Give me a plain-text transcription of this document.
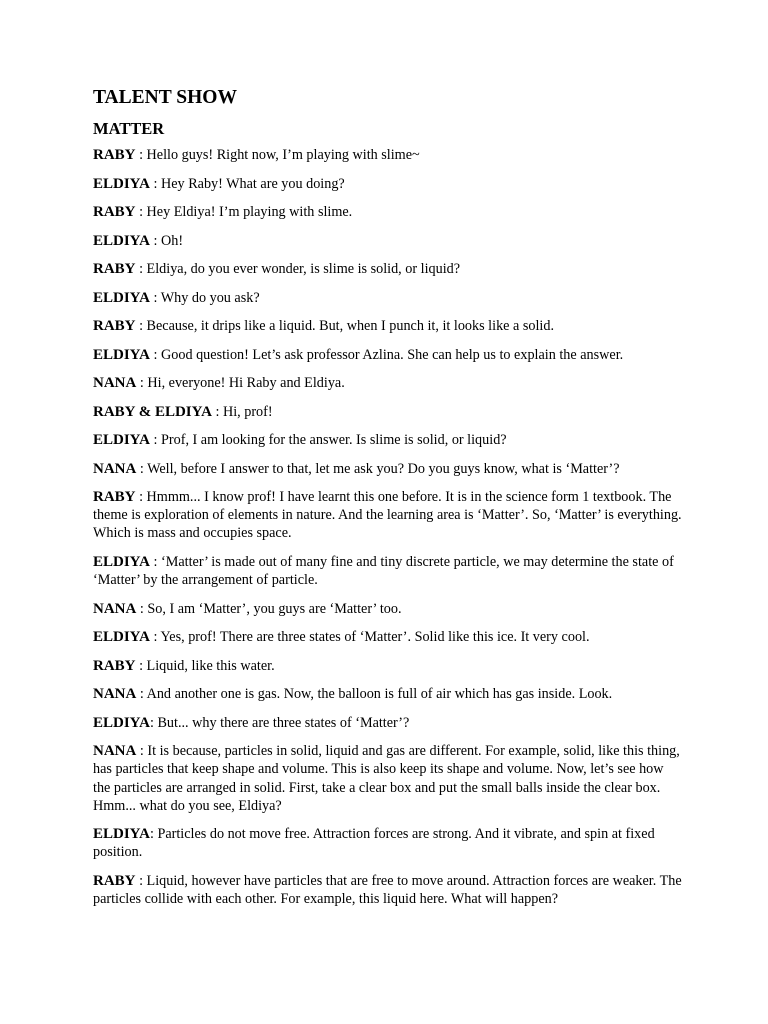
TALENT SHOW
MATTER

RABY : Hello guys! Right now, I’m playing with slime~

ELDIYA : Hey Raby! What are you doing?

RABY : Hey Eldiya! I’m playing with slime.

ELDIYA : Oh!

RABY : Eldiya, do you ever wonder, is slime is solid, or liquid?

ELDIYA : Why do you ask?

RABY : Because, it drips like a liquid. But, when I punch it, it looks like a solid.

ELDIYA : Good question! Let’s ask professor Azlina. She can help us to explain the answer.

NANA : Hi, everyone! Hi Raby and Eldiya.

RABY & ELDIYA : Hi, prof!

ELDIYA : Prof, I am looking for the answer. Is slime is solid, or liquid?

NANA : Well, before I answer to that, let me ask you? Do you guys know, what is ‘Matter’?

RABY : Hmmm... I know prof! I have learnt this one before. It is in the science form 1 textbook. The theme is exploration of elements in nature. And the learning area is ‘Matter’. So, ‘Matter’ is everything. Which is mass and occupies space.

ELDIYA : ‘Matter’ is made out of many fine and tiny discrete particle, we may determine the state of ‘Matter’ by the arrangement of particle.

NANA : So, I am ‘Matter’, you guys are ‘Matter’ too.

ELDIYA : Yes, prof! There are three states of ‘Matter’. Solid like this ice. It very cool.

RABY : Liquid, like this water.

NANA : And another one is gas. Now, the balloon is full of air which has gas inside. Look.

ELDIYA: But... why there are three states of ‘Matter’?

NANA : It is because, particles in solid, liquid and gas are different. For example, solid, like this thing, has particles that keep shape and volume. This is also keep its shape and volume. Now, let’s see how the particles are arranged in solid. First, take a clear box and put the small balls inside the clear box. Hmm... what do you see, Eldiya?

ELDIYA: Particles do not move free. Attraction forces are strong. And it vibrate, and spin at fixed position.

RABY : Liquid, however have particles that are free to move around. Attraction forces are weaker. The particles collide with each other. For example, this liquid here. What will happen?
